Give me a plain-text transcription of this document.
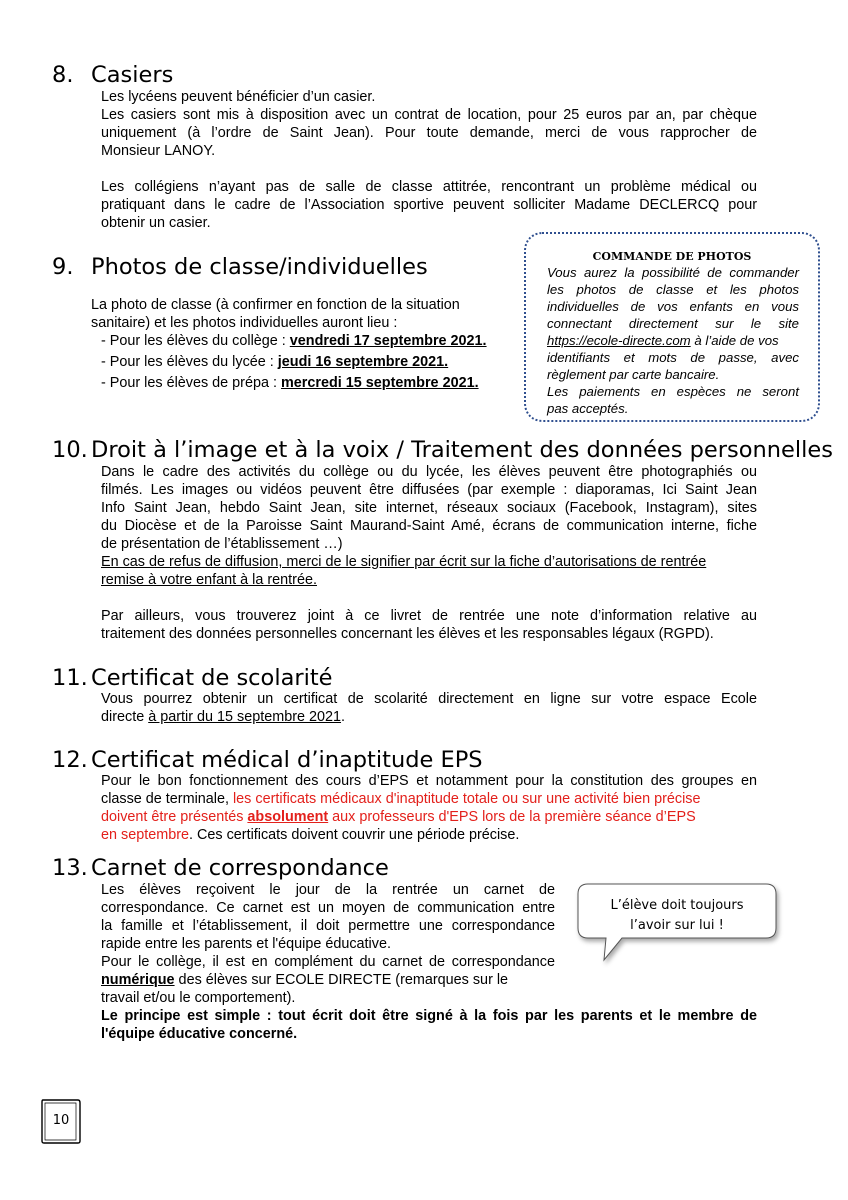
8. Casiers
Les lycéens peuvent bénéficier d’un casier.
Les casiers sont mis à disposition avec un contrat de location, pour 25 euros par an, par chèque
uniquement (à l’ordre de Saint Jean). Pour toute demande, merci de vous rapprocher de
Monsieur LANOY.
Les collégiens n’ayant pas de salle de classe attitrée, rencontrant un problème médical ou
pratiquant dans le cadre de l’Association sportive peuvent solliciter Madame DECLERCQ pour
obtenir un casier.
9. Photos de classe/individuelles
La photo de classe (à confirmer en fonction de la situation
sanitaire) et les photos individuelles auront lieu :
- Pour les élèves du collège : vendredi 17 septembre 2021.
- Pour les élèves du lycée : jeudi 16 septembre 2021.
- Pour les élèves de prépa : mercredi 15 septembre 2021.
COMMANDE DE PHOTOS
Vous aurez la possibilité de commander
les photos de classe et les photos
individuelles de vos enfants en vous
connectant directement sur le site
https://ecole-directe.com à l’aide de vos
identifiants et mots de passe, avec
règlement par carte bancaire.
Les paiements en espèces ne seront
pas acceptés.
10. Droit à l’image et à la voix / Traitement des données personnelles
Dans le cadre des activités du collège ou du lycée, les élèves peuvent être photographiés ou
filmés. Les images ou vidéos peuvent être diffusées (par exemple : diaporamas, Ici Saint Jean
Info Saint Jean, hebdo Saint Jean, site internet, réseaux sociaux (Facebook, Instagram), sites
du Diocèse et de la Paroisse Saint Maurand-Saint Amé, écrans de communication interne, fiche
de présentation de l’établissement …)
En cas de refus de diffusion, merci de le signifier par écrit sur la fiche d’autorisations de rentrée
remise à votre enfant à la rentrée.
Par ailleurs, vous trouverez joint à ce livret de rentrée une note d’information relative au
traitement des données personnelles concernant les élèves et les responsables légaux (RGPD).
11. Certificat de scolarité
Vous pourrez obtenir un certificat de scolarité directement en ligne sur votre espace Ecole
directe à partir du 15 septembre 2021.
12. Certificat médical d’inaptitude EPS
Pour le bon fonctionnement des cours d’EPS et notamment pour la constitution des groupes en
classe de terminale, les certificats médicaux d'inaptitude totale ou sur une activité bien précise
doivent être présentés absolument aux professeurs d'EPS lors de la première séance d’EPS
en septembre. Ces certificats doivent couvrir une période précise.
13. Carnet de correspondance
Les élèves reçoivent le jour de la rentrée un carnet de
correspondance. Ce carnet est un moyen de communication entre
la famille et l’établissement, il doit permettre une correspondance
rapide entre les parents et l'équipe éducative.
Pour le collège, il est en complément du carnet de correspondance
numérique des élèves sur ECOLE DIRECTE (remarques sur le
travail et/ou le comportement).
Le principe est simple : tout écrit doit être signé à la fois par les parents et le membre de
l'équipe éducative concerné.
L’élève doit toujours
l’avoir sur lui !
10
